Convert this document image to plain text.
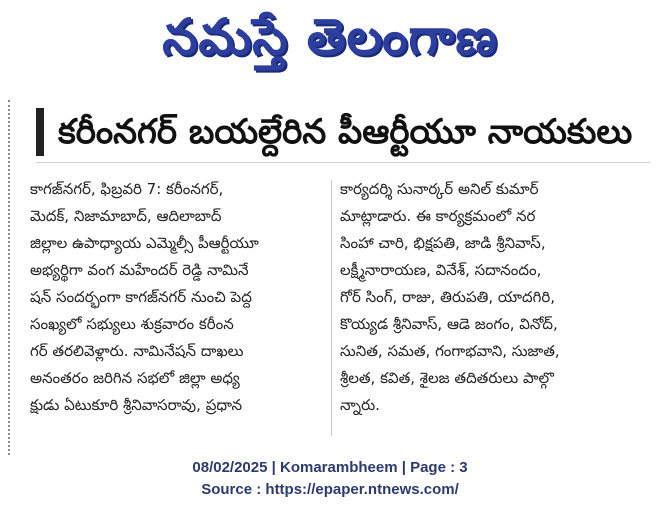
నమస్తే తెలంగాణ
కరీంనగర్ బయల్దేరిన పీఆర్టీయూ నాయకులు
కాగజ్‌నగర్, ఫిబ్రవరి 7: కరీంనగర్,
మెదక్, నిజామాబాద్, ఆదిలాబాద్
జిల్లాల ఉపాధ్యాయ ఎమ్మెల్సీ పీఆర్టీయూ
అభ్యర్థిగా వంగ మహేందర్ రెడ్డి నామినే
షన్ సందర్భంగా కాగజ్‌నగర్ నుంచి పెద్ద
సంఖ్యలో సభ్యులు శుక్రవారం కరీంన
గర్ తరలివెళ్లారు. నామినేషన్ దాఖలు
అనంతరం జరిగిన సభలో జిల్లా అధ్య
క్షుడు ఏటుకూరి శ్రీనివాసరావు, ప్రధాన
కార్యదర్శి సునార్కర్ అనిల్ కుమార్
మాట్లాడారు. ఈ కార్యక్రమంలో నర
సింహా చారి, భిక్షపతి, జాడి శ్రీనివాస్,
లక్ష్మీనారాయణ, వినేశ్, సదానందం,
గోర్ సింగ్, రాజు, తిరుపతి, యాదగిరి,
కొయ్యడ శ్రీనివాస్, ఆడె జంగం, వినోద్,
సునిత, సమత, గంగాభవాని, సుజాత,
శ్రీలత, కవిత, శైలజ తదితరులు పాల్గొ
న్నారు.
08/02/2025 | Komarambheem | Page : 3
Source : https://epaper.ntnews.com/
